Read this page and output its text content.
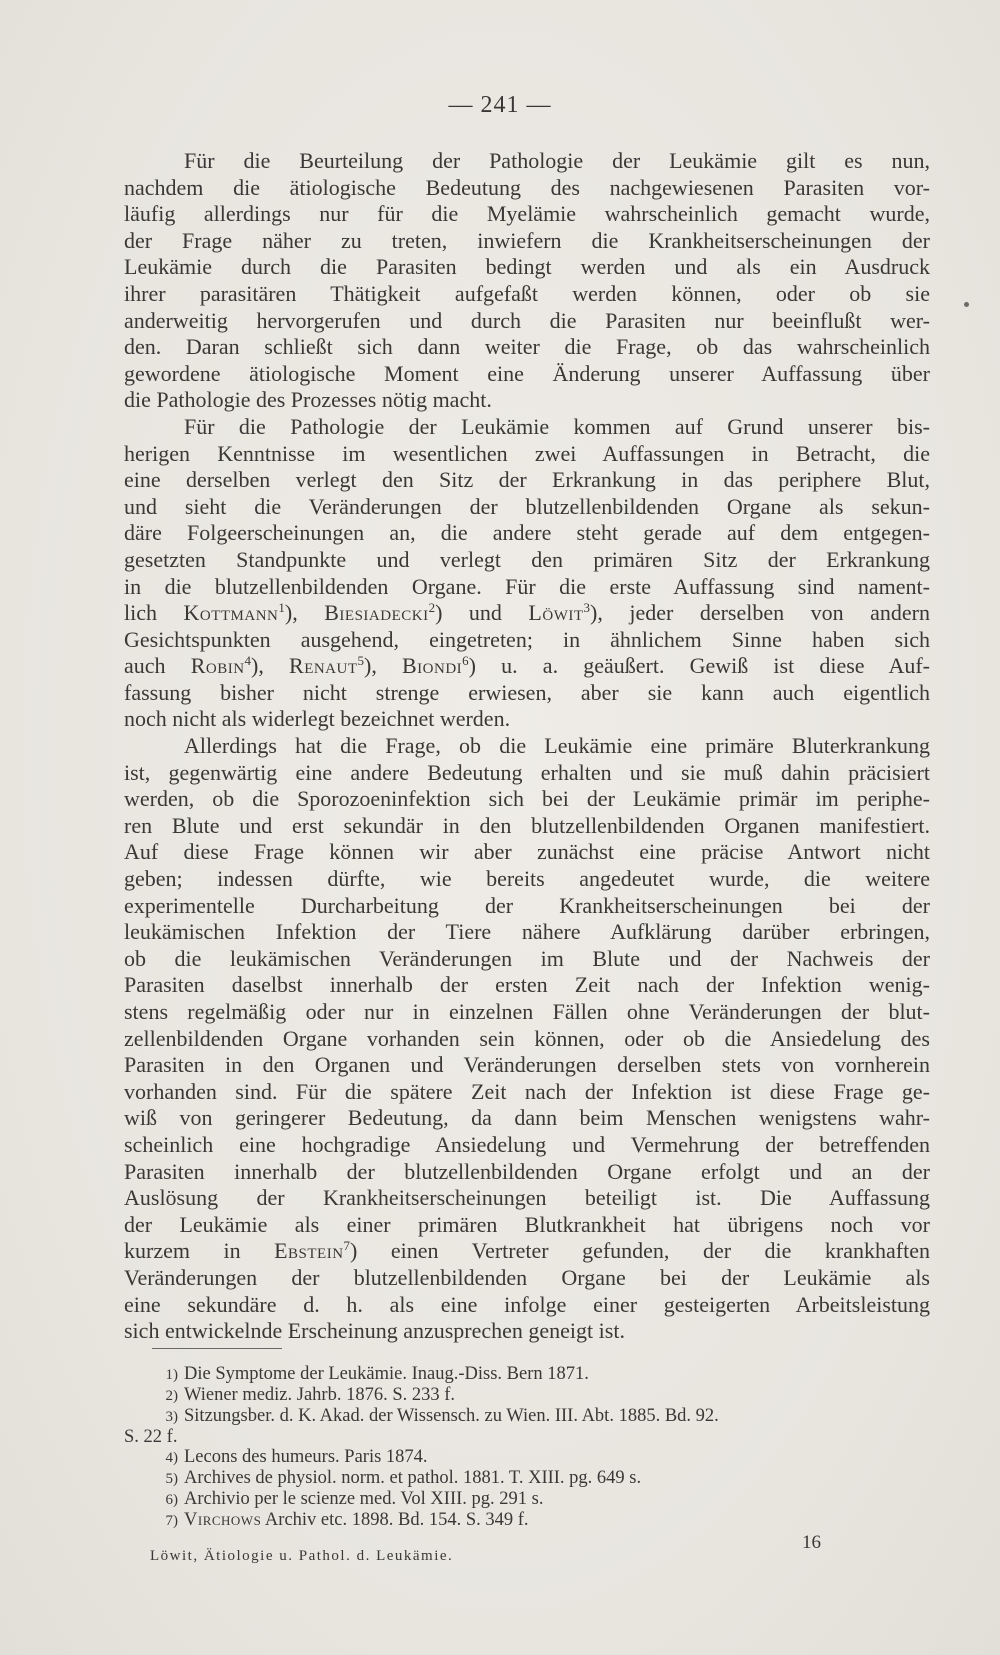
— 241 —

Für die Beurteilung der Pathologie der Leukämie gilt es nun,
nachdem die ätiologische Bedeutung des nachgewiesenen Parasiten vor-
läufig allerdings nur für die Myelämie wahrscheinlich gemacht wurde,
der Frage näher zu treten, inwiefern die Krankheitserscheinungen der
Leukämie durch die Parasiten bedingt werden und als ein Ausdruck
ihrer parasitären Thätigkeit aufgefaßt werden können, oder ob sie
anderweitig hervorgerufen und durch die Parasiten nur beeinflußt wer-
den. Daran schließt sich dann weiter die Frage, ob das wahrscheinlich
gewordene ätiologische Moment eine Änderung unserer Auffassung über
die Pathologie des Prozesses nötig macht.

Für die Pathologie der Leukämie kommen auf Grund unserer bis-
herigen Kenntnisse im wesentlichen zwei Auffassungen in Betracht, die
eine derselben verlegt den Sitz der Erkrankung in das periphere Blut,
und sieht die Veränderungen der blutzellenbildenden Organe als sekun-
däre Folgeerscheinungen an, die andere steht gerade auf dem entgegen-
gesetzten Standpunkte und verlegt den primären Sitz der Erkrankung
in die blutzellenbildenden Organe. Für die erste Auffassung sind nament-
lich Kottmann$^1$), Biesiadecki$^2$) und Löwit$^3$), jeder derselben von andern
Gesichtspunkten ausgehend, eingetreten; in ähnlichem Sinne haben sich
auch Robin$^4$), Renaut$^5$), Biondi$^6$) u. a. geäußert. Gewiß ist diese Auf-
fassung bisher nicht strenge erwiesen, aber sie kann auch eigentlich
noch nicht als widerlegt bezeichnet werden.

Allerdings hat die Frage, ob die Leukämie eine primäre Bluterkrankung
ist, gegenwärtig eine andere Bedeutung erhalten und sie muß dahin präcisiert
werden, ob die Sporozoeninfektion sich bei der Leukämie primär im periphe-
ren Blute und erst sekundär in den blutzellenbildenden Organen manifestiert.
Auf diese Frage können wir aber zunächst eine präcise Antwort nicht
geben; indessen dürfte, wie bereits angedeutet wurde, die weitere
experimentelle Durcharbeitung der Krankheitserscheinungen bei der
leukämischen Infektion der Tiere nähere Aufklärung darüber erbringen,
ob die leukämischen Veränderungen im Blute und der Nachweis der
Parasiten daselbst innerhalb der ersten Zeit nach der Infektion wenig-
stens regelmäßig oder nur in einzelnen Fällen ohne Veränderungen der blut-
zellenbildenden Organe vorhanden sein können, oder ob die Ansiedelung des
Parasiten in den Organen und Veränderungen derselben stets von vornherein
vorhanden sind. Für die spätere Zeit nach der Infektion ist diese Frage ge-
wiß von geringerer Bedeutung, da dann beim Menschen wenigstens wahr-
scheinlich eine hochgradige Ansiedelung und Vermehrung der betreffenden
Parasiten innerhalb der blutzellenbildenden Organe erfolgt und an der
Auslösung der Krankheitserscheinungen beteiligt ist. Die Auffassung
der Leukämie als einer primären Blutkrankheit hat übrigens noch vor
kurzem in Ebstein$^7$) einen Vertreter gefunden, der die krankhaften
Veränderungen der blutzellenbildenden Organe bei der Leukämie als
eine sekundäre d. h. als eine infolge einer gesteigerten Arbeitsleistung
sich entwickelnde Erscheinung anzusprechen geneigt ist.

1) Die Symptome der Leukämie. Inaug.-Diss. Bern 1871.
2) Wiener mediz. Jahrb. 1876. S. 233 f.
3) Sitzungsber. d. K. Akad. der Wissensch. zu Wien. III. Abt. 1885. Bd. 92.
S. 22 f.
4) Lecons des humeurs. Paris 1874.
5) Archives de physiol. norm. et pathol. 1881. T. XIII. pg. 649 s.
6) Archivio per le scienze med. Vol XIII. pg. 291 s.
7) Virchows Archiv etc. 1898. Bd. 154. S. 349 f.
16
Löwit, Ätiologie u. Pathol. d. Leukämie.
